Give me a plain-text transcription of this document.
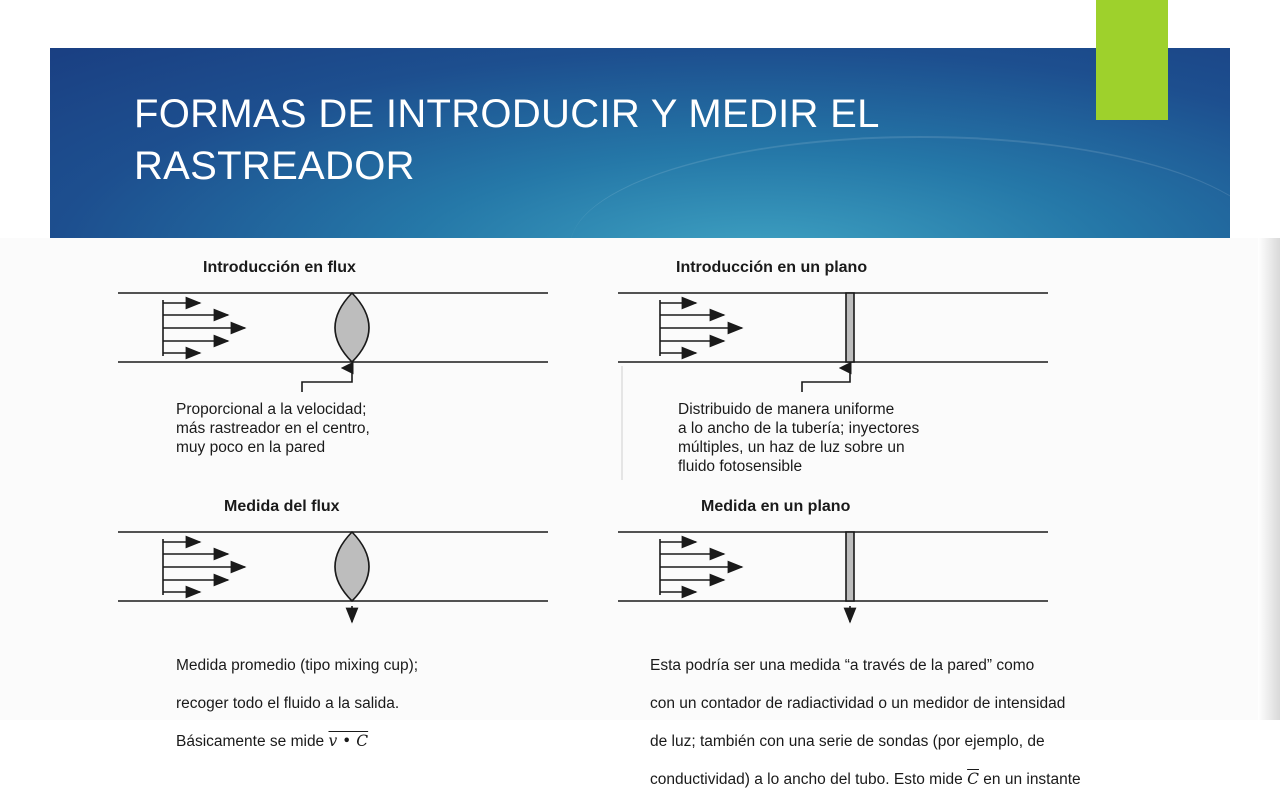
FORMAS DE INTRODUCIR Y MEDIR EL RASTREADOR
Introducción en flux	Introducción en un plano
Medida del flux	Medida en un plano
Proporcional a la velocidad;
más rastreador en el centro,
muy poco en la pared
Distribuido de manera uniforme
a lo ancho de la tubería; inyectores
múltiples, un haz de luz sobre un
fluido fotosensible

Medida promedio (tipo mixing cup);

recoger todo el fluido a la salida.

Básicamente se mide v • C

Esta podría ser una medida “a través de la pared” como

con un contador de radiactividad o un medidor de intensidad

de luz; también con una serie de sondas (por ejemplo, de

conductividad) a lo ancho del tubo. Esto mide $\overline{C}$ en un instante
